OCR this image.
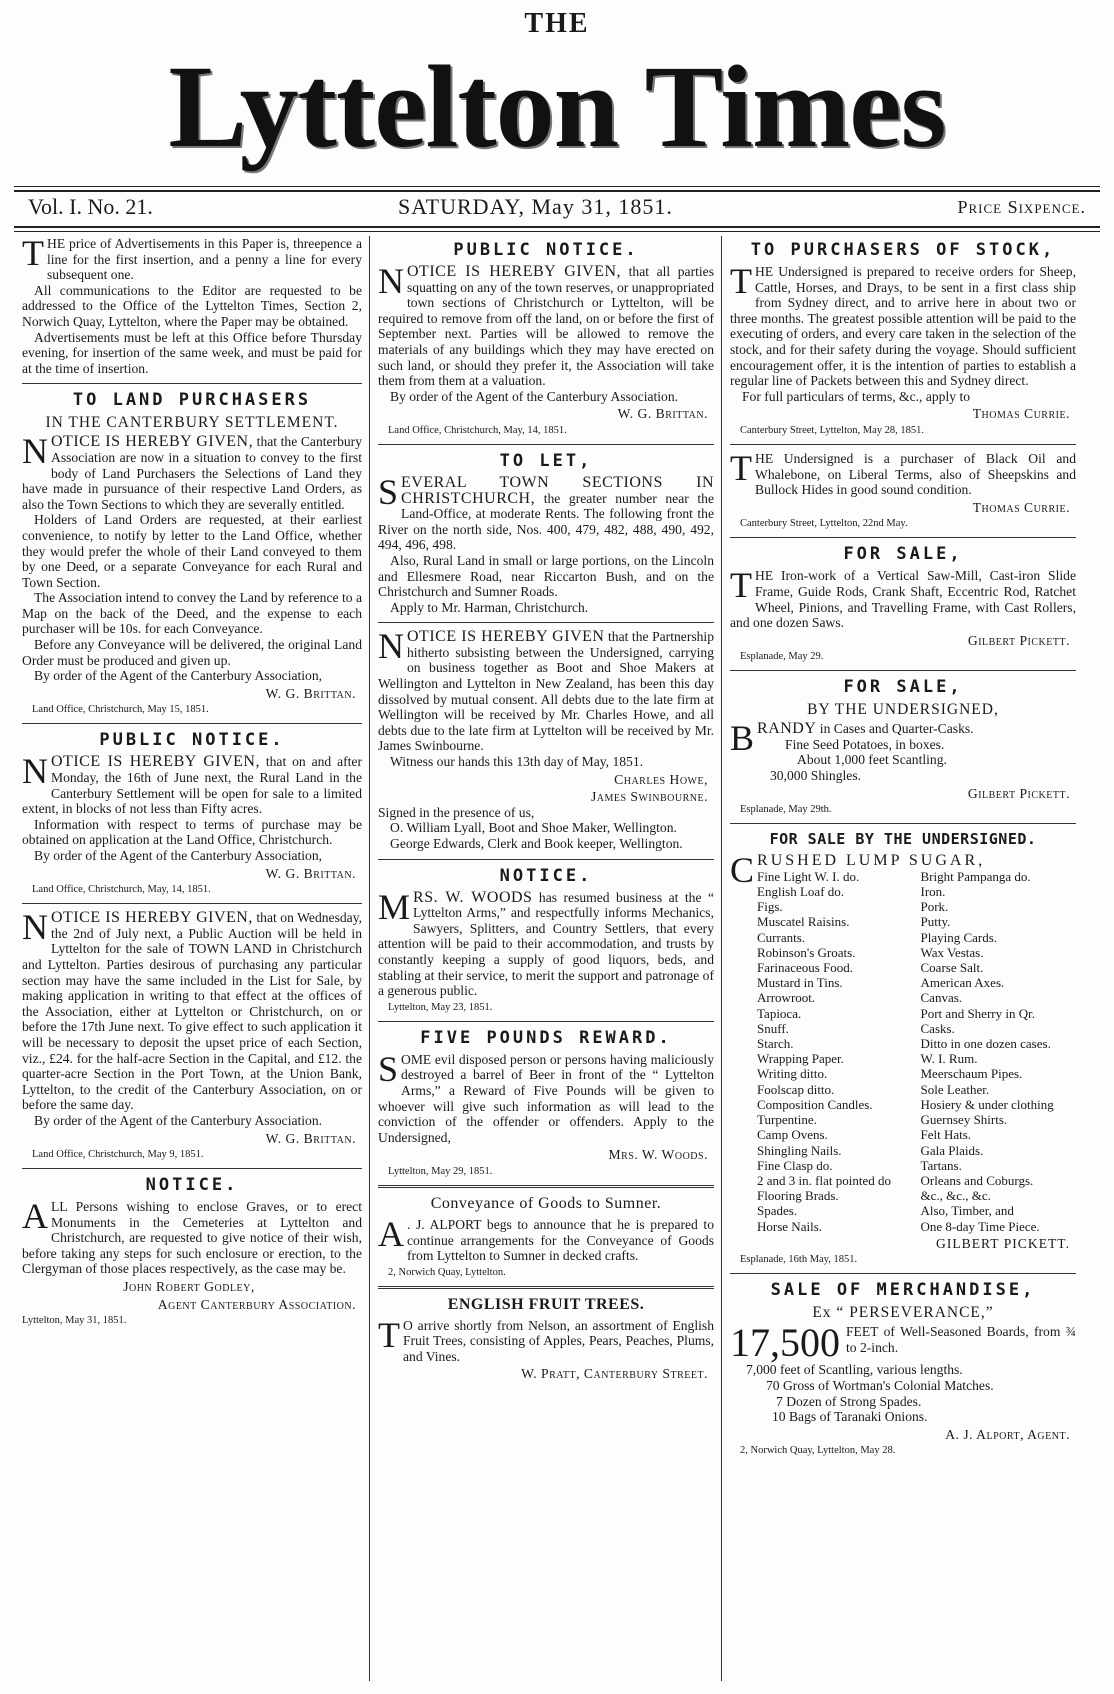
THE
Lyttelton Times
Vol. I. No. 21.	SATURDAY, May 31, 1851.	Price Sixpence.

THE price of Advertisements in this Paper is, threepence a line for the first insertion, and a penny a line for every subsequent one.

All communications to the Editor are requested to be addressed to the Office of the Lyttelton Times, Section 2, Norwich Quay, Lyttelton, where the Paper may be obtained.

Advertisements must be left at this Office before Thursday evening, for insertion of the same week, and must be paid for at the time of insertion.

TO LAND PURCHASERS
IN THE CANTERBURY SETTLEMENT.

NOTICE IS HEREBY GIVEN, that the Canterbury Association are now in a situation to convey to the first body of Land Purchasers the Selections of Land they have made in pursuance of their respective Land Orders, as also the Town Sections to which they are severally entitled.

Holders of Land Orders are requested, at their earliest convenience, to notify by letter to the Land Office, whether they would prefer the whole of their Land conveyed to them by one Deed, or a separate Conveyance for each Rural and Town Section.

The Association intend to convey the Land by reference to a Map on the back of the Deed, and the expense to each purchaser will be 10s. for each Conveyance.

Before any Conveyance will be delivered, the original Land Order must be produced and given up.

By order of the Agent of the Canterbury Association,

W. G. Brittan.
Land Office, Christchurch, May 15, 1851.
PUBLIC NOTICE.

NOTICE IS HEREBY GIVEN, that on and after Monday, the 16th of June next, the Rural Land in the Canterbury Settlement will be open for sale to a limited extent, in blocks of not less than Fifty acres.

Information with respect to terms of purchase may be obtained on application at the Land Office, Christchurch.

By order of the Agent of the Canterbury Association,

W. G. Brittan.
Land Office, Christchurch, May, 14, 1851.

NOTICE IS HEREBY GIVEN, that on Wednesday, the 2nd of July next, a Public Auction will be held in Lyttelton for the sale of TOWN LAND in Christchurch and Lyttelton. Parties desirous of purchasing any particular section may have the same included in the List for Sale, by making application in writing to that effect at the offices of the Association, either at Lyttelton or Christchurch, on or before the 17th June next. To give effect to such application it will be necessary to deposit the upset price of each Section, viz., £24. for the half-acre Section in the Capital, and £12. the quarter-acre Section in the Port Town, at the Union Bank, Lyttelton, to the credit of the Canterbury Association, on or before the same day.

By order of the Agent of the Canterbury Association.

W. G. Brittan.
Land Office, Christchurch, May 9, 1851.
NOTICE.

ALL Persons wishing to enclose Graves, or to erect Monuments in the Cemeteries at Lyttelton and Christchurch, are requested to give notice of their wish, before taking any steps for such enclosure or erection, to the Clergyman of those places respectively, as the case may be.

John Robert Godley,
Agent Canterbury Association.
Lyttelton, May 31, 1851.
PUBLIC NOTICE.

NOTICE IS HEREBY GIVEN, that all parties squatting on any of the town reserves, or unappropriated town sections of Christchurch or Lyttelton, will be required to remove from off the land, on or before the first of September next. Parties will be allowed to remove the materials of any buildings which they may have erected on such land, or should they prefer it, the Association will take them from them at a valuation.

By order of the Agent of the Canterbury Association.

W. G. Brittan.
Land Office, Christchurch, May, 14, 1851.
TO LET,

SEVERAL TOWN SECTIONS IN CHRISTCHURCH, the greater number near the Land-Office, at moderate Rents. The following front the River on the north side, Nos. 400, 479, 482, 488, 490, 492, 494, 496, 498.

Also, Rural Land in small or large portions, on the Lincoln and Ellesmere Road, near Riccarton Bush, and on the Christchurch and Sumner Roads.

Apply to Mr. Harman, Christchurch.

NOTICE IS HEREBY GIVEN that the Partnership hitherto subsisting between the Undersigned, carrying on business together as Boot and Shoe Makers at Wellington and Lyttelton in New Zealand, has been this day dissolved by mutual consent. All debts due to the late firm at Wellington will be received by Mr. Charles Howe, and all debts due to the late firm at Lyttelton will be received by Mr. James Swinbourne.

Witness our hands this 13th day of May, 1851.

Charles Howe,
James Swinbourne.

Signed in the presence of us,

O. William Lyall, Boot and Shoe Maker, Wellington.

George Edwards, Clerk and Book keeper, Wellington.

NOTICE.

MRS. W. WOODS has resumed business at the “ Lyttelton Arms,” and respectfully informs Mechanics, Sawyers, Splitters, and Country Settlers, that every attention will be paid to their accommodation, and trusts by constantly keeping a supply of good liquors, beds, and stabling at their service, to merit the support and patronage of a generous public.

Lyttelton, May 23, 1851.
FIVE POUNDS REWARD.

SOME evil disposed person or persons having maliciously destroyed a barrel of Beer in front of the “ Lyttelton Arms,” a Reward of Five Pounds will be given to whoever will give such information as will lead to the conviction of the offender or offenders. Apply to the Undersigned,

Mrs. W. Woods.
Lyttelton, May 29, 1851.
Conveyance of Goods to Sumner.

A . J. ALPORT begs to announce that he is prepared to continue arrangements for the Conveyance of Goods from Lyttelton to Sumner in decked crafts.

2, Norwich Quay, Lyttelton.
ENGLISH FRUIT TREES.

T O arrive shortly from Nelson, an assortment of English Fruit Trees, consisting of Apples, Pears, Peaches, Plums, and Vines.

W. Pratt, Canterbury Street.
TO PURCHASERS OF STOCK,

THE Undersigned is prepared to receive orders for Sheep, Cattle, Horses, and Drays, to be sent in a first class ship from Sydney direct, and to arrive here in about two or three months. The greatest possible attention will be paid to the executing of orders, and every care taken in the selection of the stock, and for their safety during the voyage. Should sufficient encouragement offer, it is the intention of parties to establish a regular line of Packets between this and Sydney direct.

For full particulars of terms, &c., apply to

Thomas Currie.
Canterbury Street, Lyttelton, May 28, 1851.

THE Undersigned is a purchaser of Black Oil and Whalebone, on Liberal Terms, also of Sheepskins and Bullock Hides in good sound condition.

Thomas Currie.
Canterbury Street, Lyttelton, 22nd May.
FOR SALE,

THE Iron-work of a Vertical Saw-Mill, Cast-iron Slide Frame, Guide Rods, Crank Shaft, Eccentric Rod, Ratchet Wheel, Pinions, and Travelling Frame, with Cast Rollers, and one dozen Saws.

Gilbert Pickett.
Esplanade, May 29.
FOR SALE,
BY THE UNDERSIGNED,

BRANDY in Cases and Quarter-Casks.

Fine Seed Potatoes, in boxes.

About 1,000 feet Scantling.

30,000 Shingles.

Gilbert Pickett.
Esplanade, May 29th.
FOR SALE BY THE UNDERSIGNED.

CRUSHED LUMP SUGAR,

Fine Light W. I. do.	Bright Pampanga do.
English Loaf do.	Iron.
Figs.	Pork.
Muscatel Raisins.	Putty.
Currants.	Playing Cards.
Robinson's Groats.	Wax Vestas.
Farinaceous Food.	Coarse Salt.
Mustard in Tins.	American Axes.
Arrowroot.	Canvas.
Tapioca.	Port and Sherry in Qr.
Snuff.	Casks.
Starch.	Ditto in one dozen cases.
Wrapping Paper.	W. I. Rum.
Writing ditto.	Meerschaum Pipes.
Foolscap ditto.	Sole Leather.
Composition Candles.	Hosiery & under clothing
Turpentine.	Guernsey Shirts.
Camp Ovens.	Felt Hats.
Shingling Nails.	Gala Plaids.
Fine Clasp do.	Tartans.
2 and 3 in. flat pointed do	Orleans and Coburgs.
Flooring Brads.	&c., &c., &c.
Spades.	Also, Timber, and
Horse Nails.	One 8-day Time Piece.
GILBERT PICKETT.
Esplanade, 16th May, 1851.
SALE OF MERCHANDISE,
Ex “ PERSEVERANCE,”

17,500 FEET of Well-Seasoned Boards, from ¾ to 2-inch.

7,000 feet of Scantling, various lengths.

70 Gross of Wortman's Colonial Matches.

7 Dozen of Strong Spades.

10 Bags of Taranaki Onions.

A. J. Alport, Agent.
2, Norwich Quay, Lyttelton, May 28.
